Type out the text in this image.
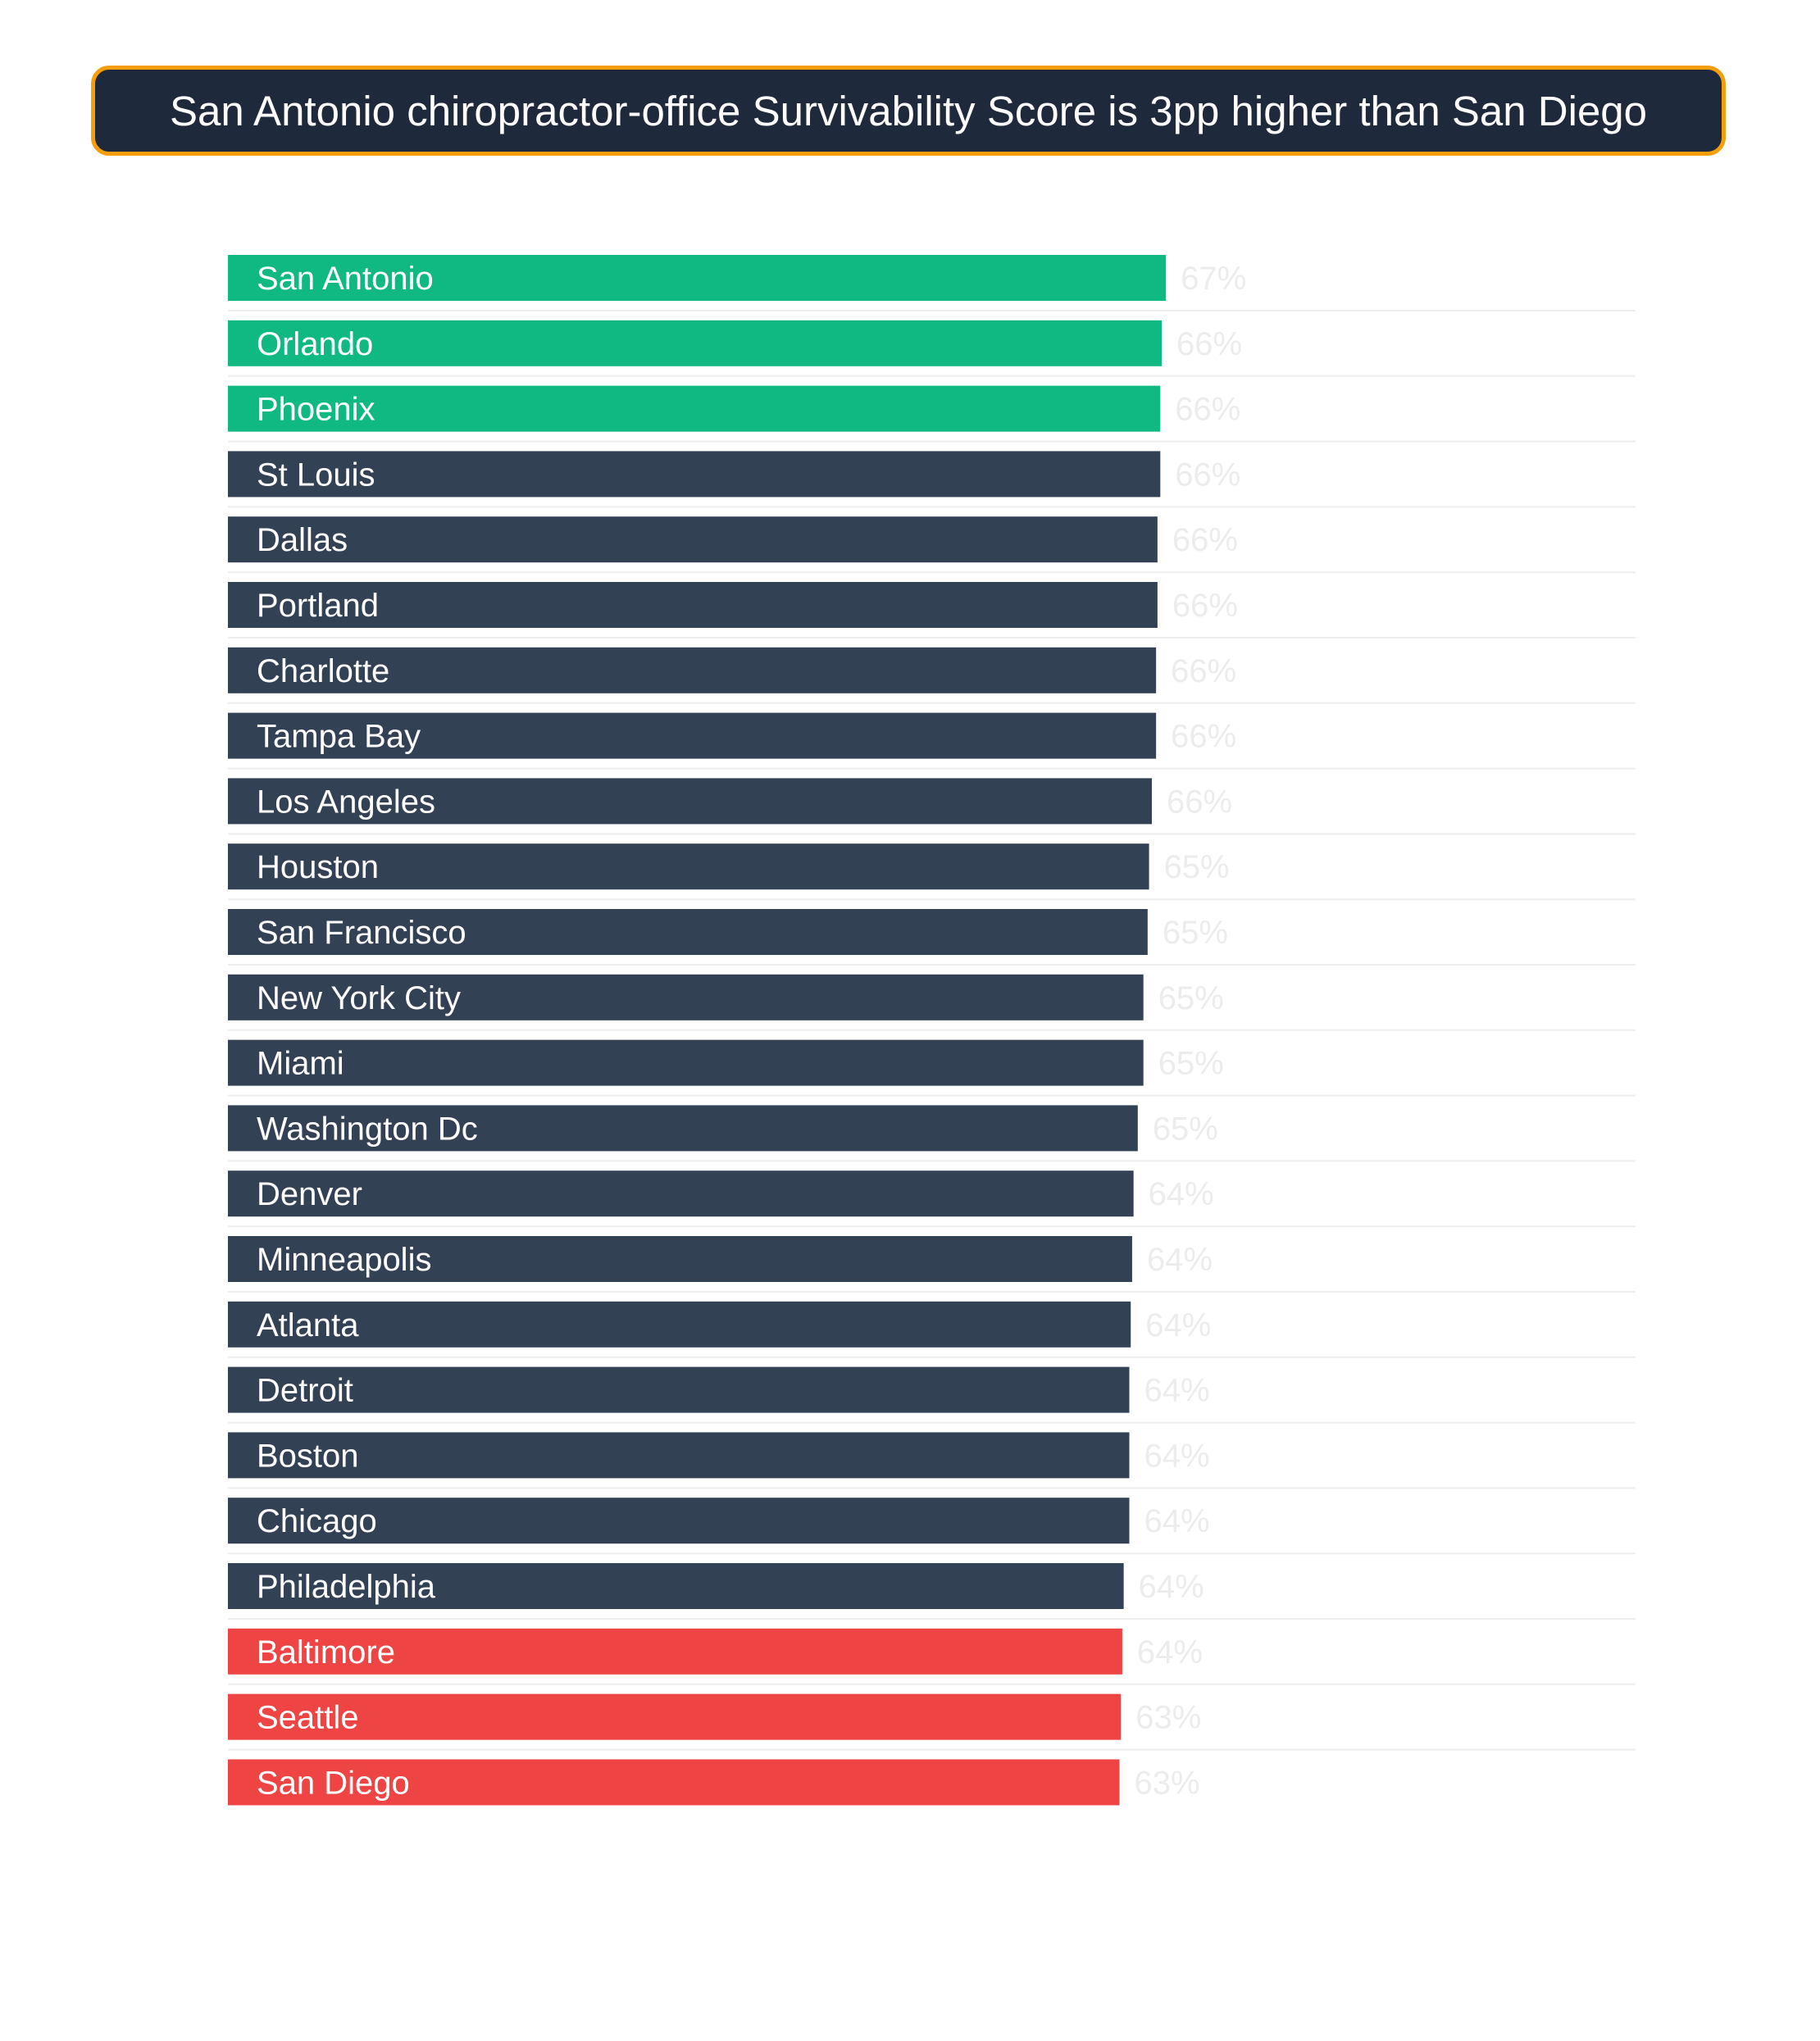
San Antonio chiropractor-office Survivability Score is 3pp higher than San Diego
San Antonio	67%
Orlando	66%
Phoenix	66%
St Louis	66%
Dallas	66%
Portland	66%
Charlotte	66%
Tampa Bay	66%
Los Angeles	66%
Houston	65%
San Francisco	65%
New York City	65%
Miami	65%
Washington Dc	65%
Denver	64%
Minneapolis	64%
Atlanta	64%
Detroit	64%
Boston	64%
Chicago	64%
Philadelphia	64%
Baltimore	64%
Seattle	63%
San Diego	63%
